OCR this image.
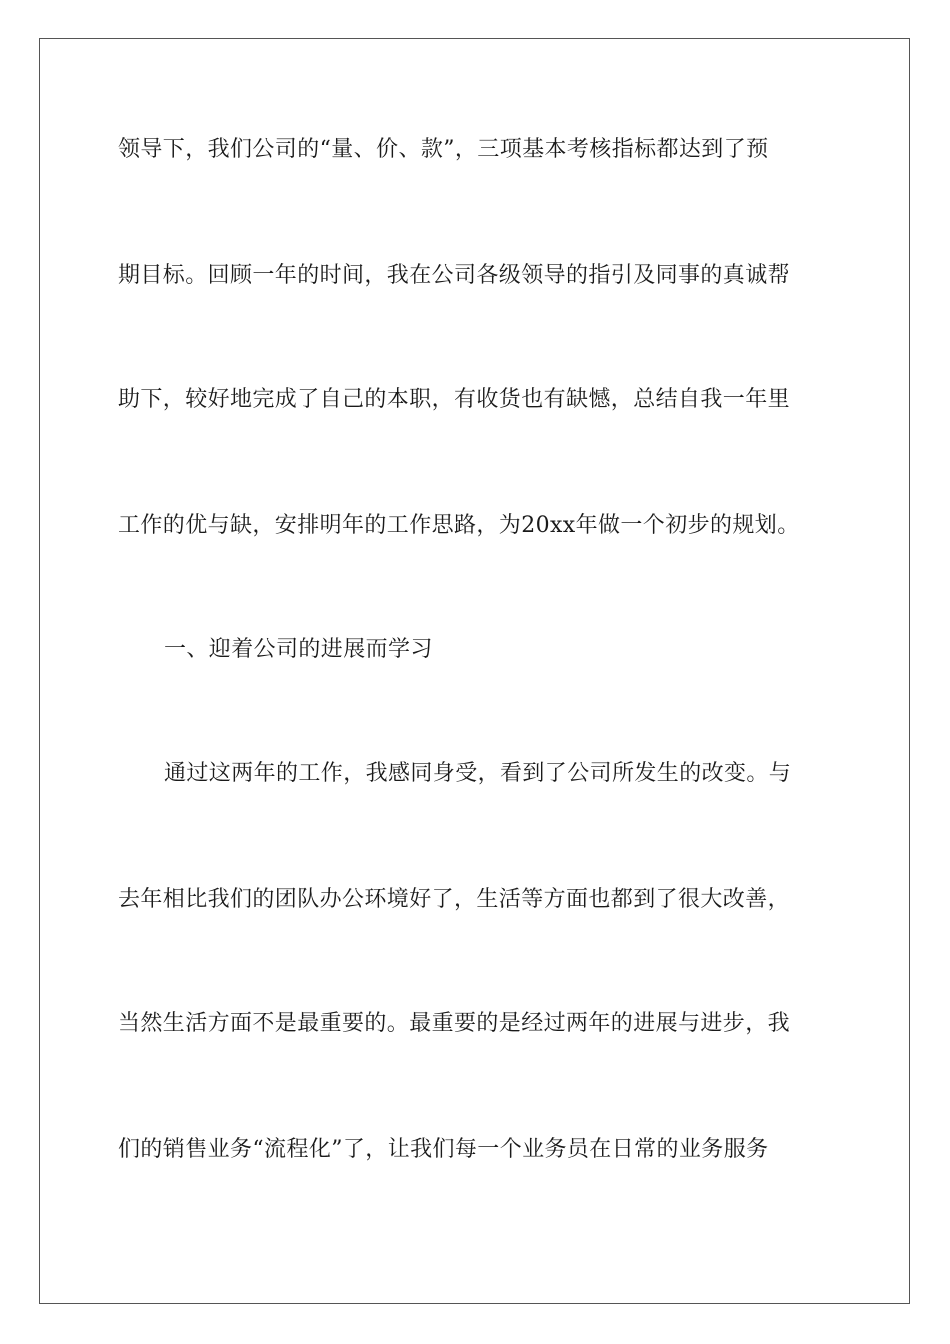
领导下，我们公司的“量、价、款”，三项基本考核指标都达到了预
期目标。回顾一年的时间，我在公司各级领导的指引及同事的真诚帮
助下，较好地完成了自己的本职，有收货也有缺憾，总结自我一年里
工作的优与缺，安排明年的工作思路，为20xx年做一个初步的规划。
一、迎着公司的进展而学习
通过这两年的工作，我感同身受，看到了公司所发生的改变。与
去年相比我们的团队办公环境好了，生活等方面也都到了很大改善，
当然生活方面不是最重要的。最重要的是经过两年的进展与进步，我
们的销售业务“流程化”了，让我们每一个业务员在日常的业务服务
